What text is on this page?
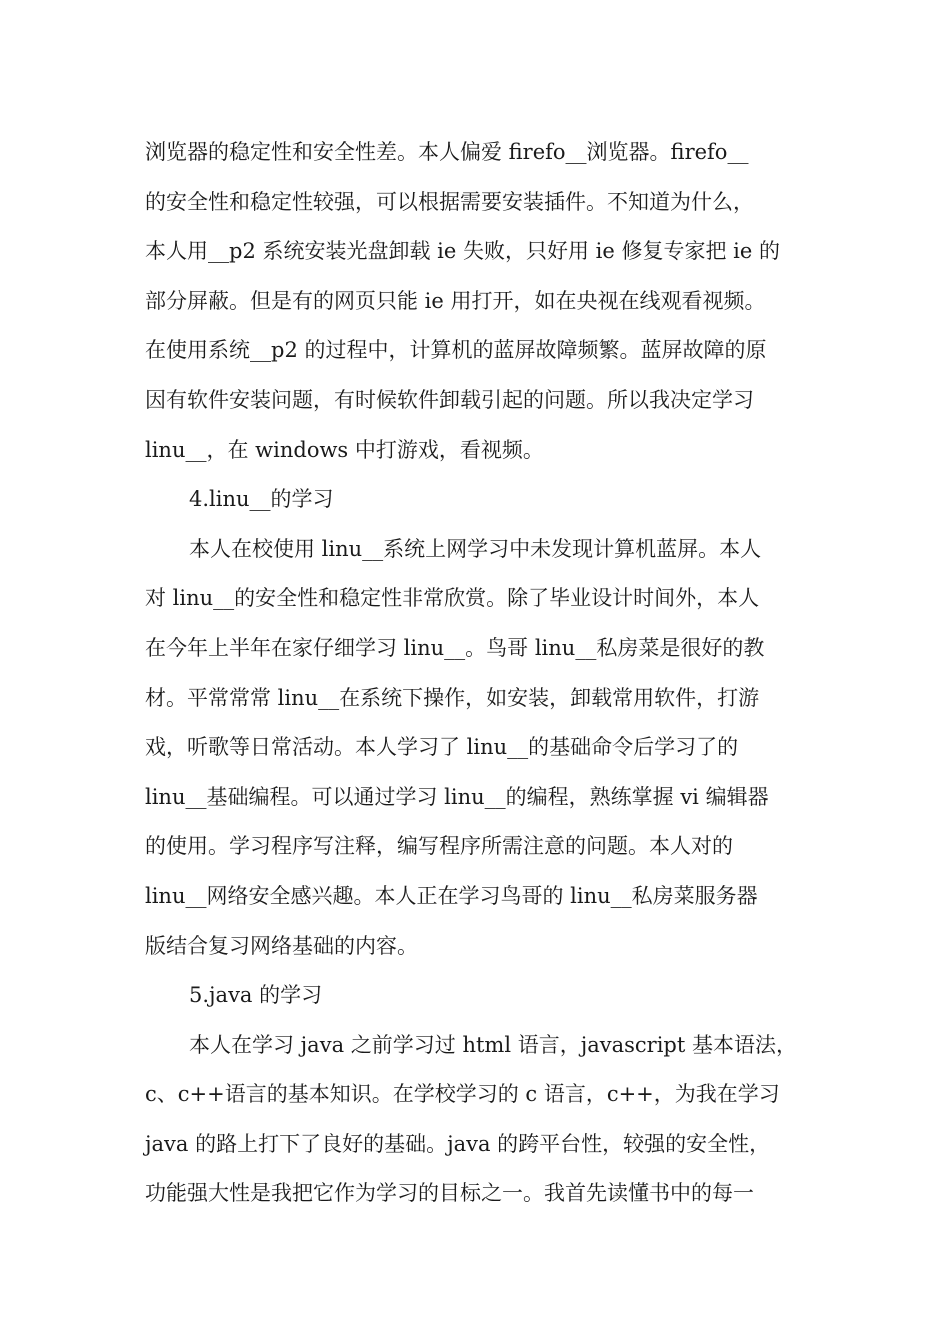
浏览器的稳定性和安全性差。本人偏爱 firefo__浏览器。firefo__
的安全性和稳定性较强，可以根据需要安装插件。不知道为什么，
本人用__p2 系统安装光盘卸载 ie 失败，只好用 ie 修复专家把 ie 的
部分屏蔽。但是有的网页只能 ie 用打开，如在央视在线观看视频。
在使用系统__p2 的过程中，计算机的蓝屏故障频繁。蓝屏故障的原
因有软件安装问题，有时候软件卸载引起的问题。所以我决定学习
linu__，在 windows 中打游戏，看视频。
4.linu__的学习
本人在校使用 linu__系统上网学习中未发现计算机蓝屏。本人
对 linu__的安全性和稳定性非常欣赏。除了毕业设计时间外，本人
在今年上半年在家仔细学习 linu__。鸟哥 linu__私房菜是很好的教
材。平常常常 linu__在系统下操作，如安装，卸载常用软件，打游
戏，听歌等日常活动。本人学习了 linu__的基础命令后学习了的
linu__基础编程。可以通过学习 linu__的编程，熟练掌握 vi 编辑器
的使用。学习程序写注释，编写程序所需注意的问题。本人对的
linu__网络安全感兴趣。本人正在学习鸟哥的 linu__私房菜服务器
版结合复习网络基础的内容。
5.java 的学习
本人在学习 java 之前学习过 html 语言，javascript 基本语法，
c、c++语言的基本知识。在学校学习的 c 语言，c++，为我在学习
java 的路上打下了良好的基础。java 的跨平台性，较强的安全性，
功能强大性是我把它作为学习的目标之一。我首先读懂书中的每一
